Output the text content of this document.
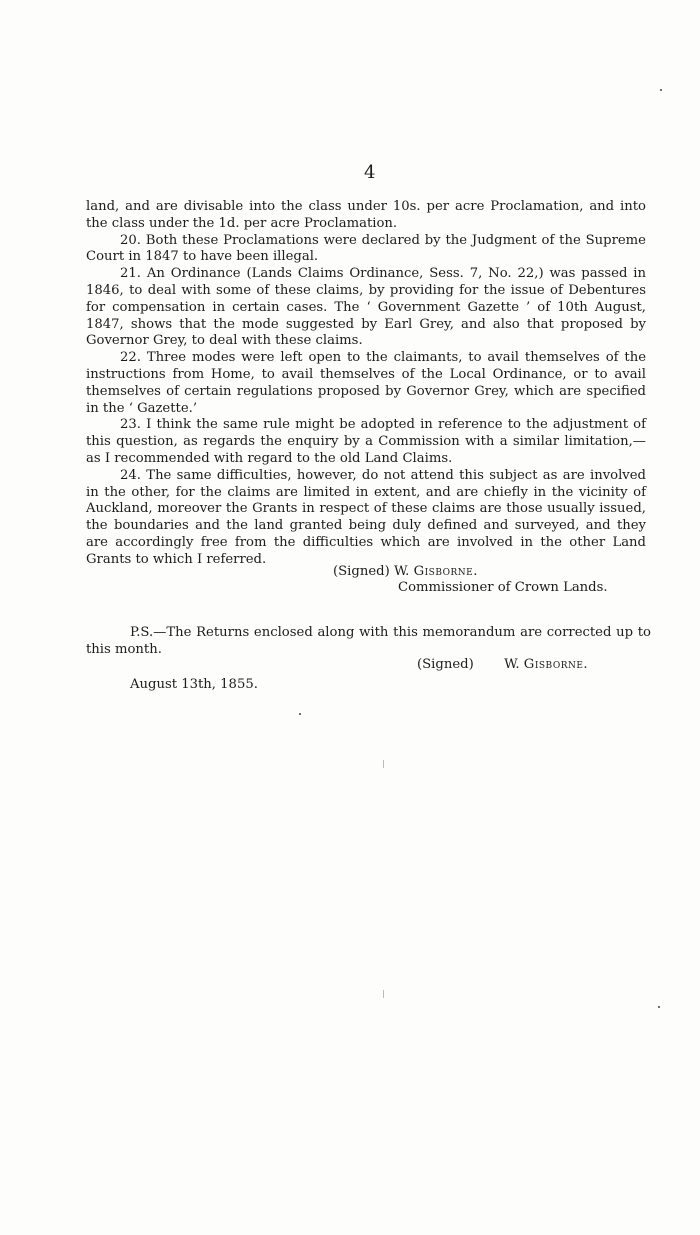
4

land, and are divisable into the class under 10s. per acre Proclamation, and into the class under the 1d. per acre Proclamation.

20. Both these Proclamations were declared by the Judgment of the Supreme Court in 1847 to have been illegal.

21. An Ordinance (Lands Claims Ordinance, Sess. 7, No. 22,) was passed in 1846, to deal with some of these claims, by providing for the issue of Debentures for compensation in certain cases. The ‘ Government Gazette ’ of 10th August, 1847, shows that the mode suggested by Earl Grey, and also that proposed by Governor Grey, to deal with these claims.

22. Three modes were left open to the claimants, to avail themselves of the instructions from Home, to avail themselves of the Local Ordinance, or to avail themselves of certain regulations proposed by Governor Grey, which are specified in the ‘ Gazette.’

23. I think the same rule might be adopted in reference to the adjustment of this question, as regards the enquiry by a Commission with a similar limitation,—as I recommended with regard to the old Land Claims.

24. The same difficulties, however, do not attend this subject as are involved in the other, for the claims are limited in extent, and are chiefly in the vicinity of Auckland, moreover the Grants in respect of these claims are those usually issued, the boundaries and the land granted being duly defined and surveyed, and they are accordingly free from the difficulties which are involved in the other Land Grants to which I referred.

(Signed) W. Gisborne.
Commissioner of Crown Lands.

P.S.—The Returns enclosed along with this memorandum are corrected up to this month.

(Signed) W. Gisborne.
August 13th, 1855.
